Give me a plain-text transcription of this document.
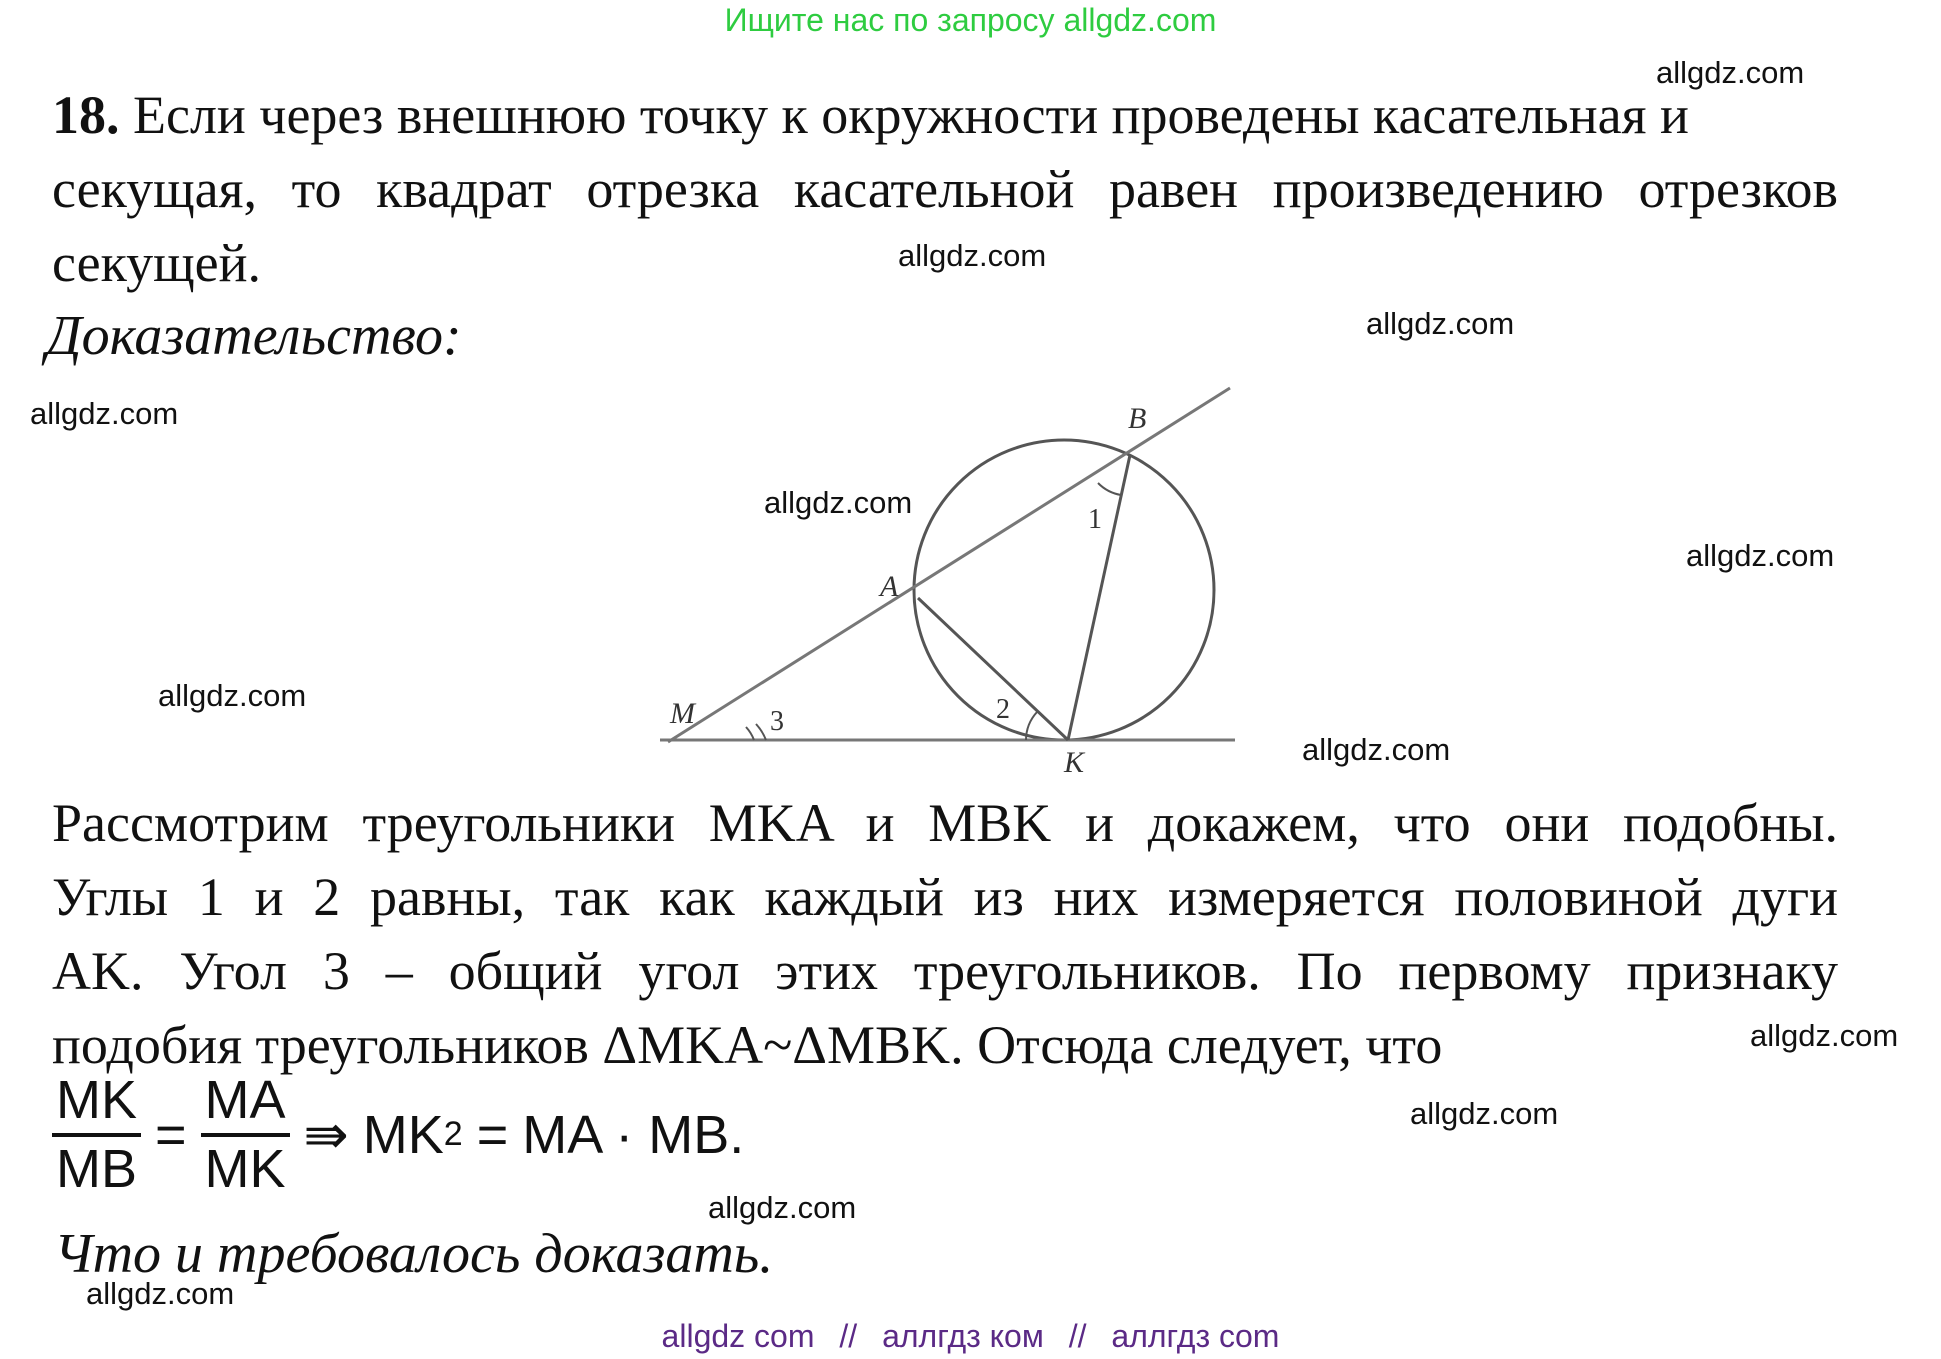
Ищите нас по запросу allgdz.com
allgdz.com
allgdz.com
allgdz.com
allgdz.com
allgdz.com
allgdz.com
allgdz.com
allgdz.com
allgdz.com
allgdz.com
allgdz.com
allgdz.com
18. Если через внешнюю точку к окружности проведены касательная и
секущая, то квадрат отрезка касательной равен произведению отрезков
секущей.
Доказательство:
B
A
M
K
1
2
3
Рассмотрим треугольники MKA и MBK и докажем, что они подобны.
Углы 1 и 2 равны, так как каждый из них измеряется половиной дуги
AK. Угол 3 – общий угол этих треугольников. По первому признаку
подобия треугольников ΔMKA~ΔMBK. Отсюда следует, что
$\frac{MK}{MB} = \frac{MA}{MK}$ ⇛ MK 2 = MA · MB.
Что и требовалось доказать.
allgdz com // аллгдз ком // аллгдз com
